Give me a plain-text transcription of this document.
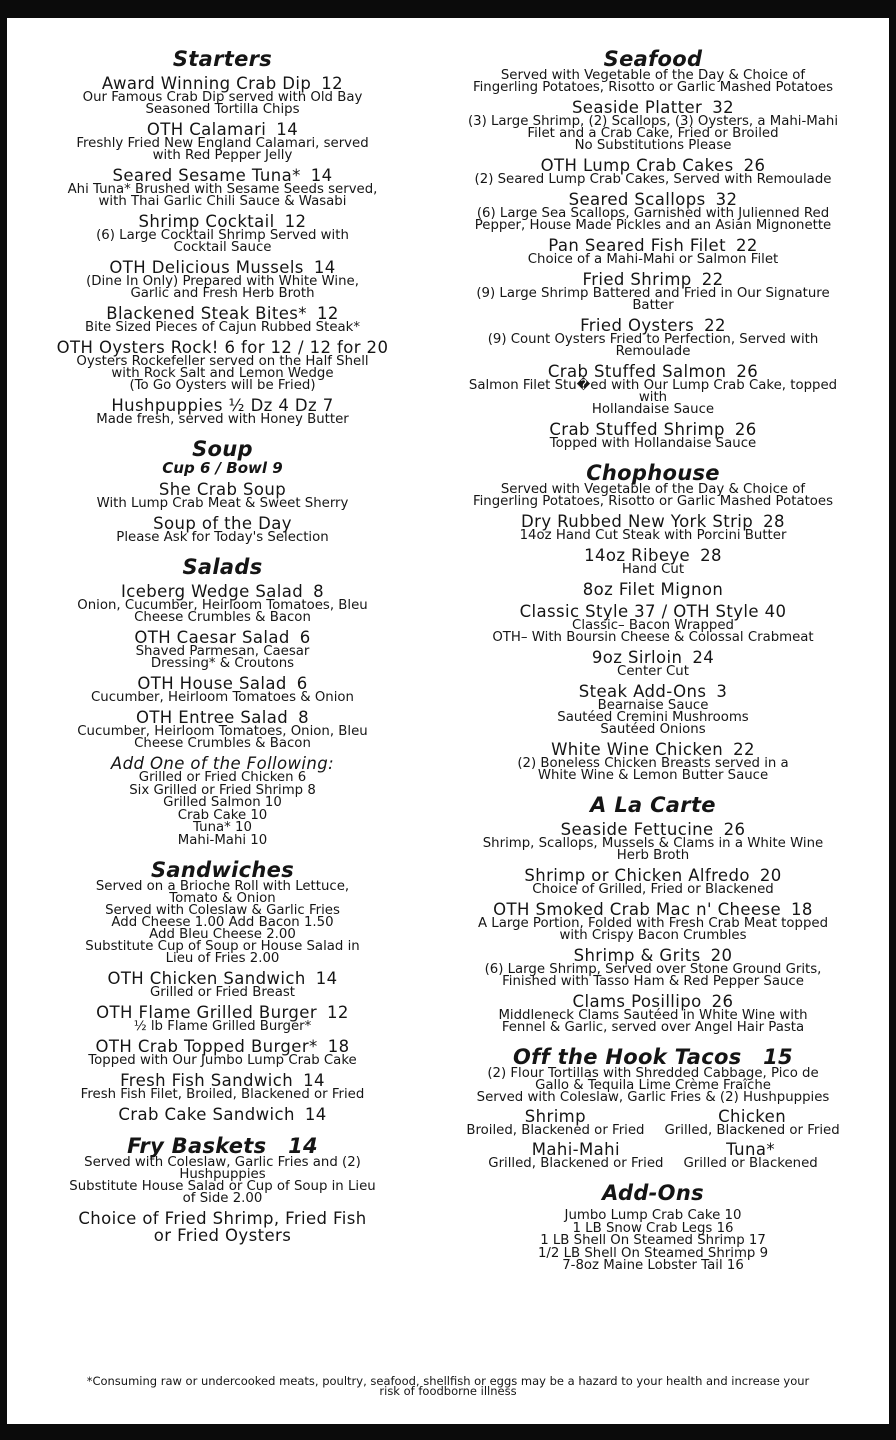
Starters
Award Winning Crab Dip 12
Our Famous Crab Dip served with Old Bay
Seasoned Tortilla Chips
OTH Calamari 14
Freshly Fried New England Calamari, served
with Red Pepper Jelly
Seared Sesame Tuna* 14
Ahi Tuna* Brushed with Sesame Seeds served,
with Thai Garlic Chili Sauce & Wasabi
Shrimp Cocktail 12
(6) Large Cocktail Shrimp Served with
Cocktail Sauce
OTH Delicious Mussels 14
(Dine In Only) Prepared with White Wine,
Garlic and Fresh Herb Broth
Blackened Steak Bites* 12
Bite Sized Pieces of Cajun Rubbed Steak*
OTH Oysters Rock! 6 for 12 / 12 for 20
Oysters Rockefeller served on the Half Shell
with Rock Salt and Lemon Wedge
(To Go Oysters will be Fried)
Hushpuppies ½ Dz 4 Dz 7
Made fresh, served with Honey Butter
Soup
Cup 6 / Bowl 9
She Crab Soup
With Lump Crab Meat & Sweet Sherry
Soup of the Day
Please Ask for Today's Selection
Salads
Iceberg Wedge Salad 8
Onion, Cucumber, Heirloom Tomatoes, Bleu
Cheese Crumbles & Bacon
OTH Caesar Salad 6
Shaved Parmesan, Caesar
Dressing* & Croutons
OTH House Salad 6
Cucumber, Heirloom Tomatoes & Onion
OTH Entree Salad 8
Cucumber, Heirloom Tomatoes, Onion, Bleu
Cheese Crumbles & Bacon
Add One of the Following:
Grilled or Fried Chicken 6
Six Grilled or Fried Shrimp 8
Grilled Salmon 10
Crab Cake 10
Tuna* 10
Mahi-Mahi 10
Sandwiches
Served on a Brioche Roll with Lettuce,
Tomato & Onion
Served with Coleslaw & Garlic Fries
Add Cheese 1.00 Add Bacon 1.50
Add Bleu Cheese 2.00
Substitute Cup of Soup or House Salad in
Lieu of Fries 2.00
OTH Chicken Sandwich 14
Grilled or Fried Breast
OTH Flame Grilled Burger 12
½ lb Flame Grilled Burger*
OTH Crab Topped Burger* 18
Topped with Our Jumbo Lump Crab Cake
Fresh Fish Sandwich 14
Fresh Fish Filet, Broiled, Blackened or Fried
Crab Cake Sandwich 14
Fry Baskets 14
Served with Coleslaw, Garlic Fries and (2)
Hushpuppies
Substitute House Salad or Cup of Soup in Lieu
of Side 2.00
Choice of Fried Shrimp, Fried Fish
or Fried Oysters
Seafood
Served with Vegetable of the Day & Choice of
Fingerling Potatoes, Risotto or Garlic Mashed Potatoes
Seaside Platter 32
(3) Large Shrimp, (2) Scallops, (3) Oysters, a Mahi-Mahi
Filet and a Crab Cake, Fried or Broiled
No Substitutions Please
OTH Lump Crab Cakes 26
(2) Seared Lump Crab Cakes, Served with Remoulade
Seared Scallops 32
(6) Large Sea Scallops, Garnished with Julienned Red
Pepper, House Made Pickles and an Asian Mignonette
Pan Seared Fish Filet 22
Choice of a Mahi-Mahi or Salmon Filet
Fried Shrimp 22
(9) Large Shrimp Battered and Fried in Our Signature
Batter
Fried Oysters 22
(9) Count Oysters Fried to Perfection, Served with
Remoulade
Crab Stuffed Salmon 26
Salmon Filet Stu�ed with Our Lump Crab Cake, topped
with
Hollandaise Sauce
Crab Stuffed Shrimp 26
Topped with Hollandaise Sauce
Chophouse
Served with Vegetable of the Day & Choice of
Fingerling Potatoes, Risotto or Garlic Mashed Potatoes
Dry Rubbed New York Strip 28
14oz Hand Cut Steak with Porcini Butter
14oz Ribeye 28
Hand Cut
8oz Filet Mignon
Classic Style 37 / OTH Style 40
Classic– Bacon Wrapped
OTH– With Boursin Cheese & Colossal Crabmeat
9oz Sirloin 24
Center Cut
Steak Add-Ons 3
Bearnaise Sauce
Sautéed Cremini Mushrooms
Sautéed Onions
White Wine Chicken 22
(2) Boneless Chicken Breasts served in a
White Wine & Lemon Butter Sauce
A La Carte
Seaside Fettucine 26
Shrimp, Scallops, Mussels & Clams in a White Wine
Herb Broth
Shrimp or Chicken Alfredo 20
Choice of Grilled, Fried or Blackened
OTH Smoked Crab Mac n' Cheese 18
A Large Portion, Folded with Fresh Crab Meat topped
with Crispy Bacon Crumbles
Shrimp & Grits 20
(6) Large Shrimp, Served over Stone Ground Grits,
Finished with Tasso Ham & Red Pepper Sauce
Clams Posillipo 26
Middleneck Clams Sautéed in White Wine with
Fennel & Garlic, served over Angel Hair Pasta
Off the Hook Tacos 15
(2) Flour Tortillas with Shredded Cabbage, Pico de
Gallo & Tequila Lime Crème Fraîche
Served with Coleslaw, Garlic Fries & (2) Hushpuppies
Shrimp
Broiled, Blackened or Fried
Chicken
Grilled, Blackened or Fried
Mahi-Mahi
Grilled, Blackened or Fried
Tuna*
Grilled or Blackened
Add-Ons
Jumbo Lump Crab Cake 10
1 LB Snow Crab Legs 16
1 LB Shell On Steamed Shrimp 17
1/2 LB Shell On Steamed Shrimp 9
7-8oz Maine Lobster Tail 16
*Consuming raw or undercooked meats, poultry, seafood, shellfish or eggs may be a hazard to your health and increase your
risk of foodborne illness
